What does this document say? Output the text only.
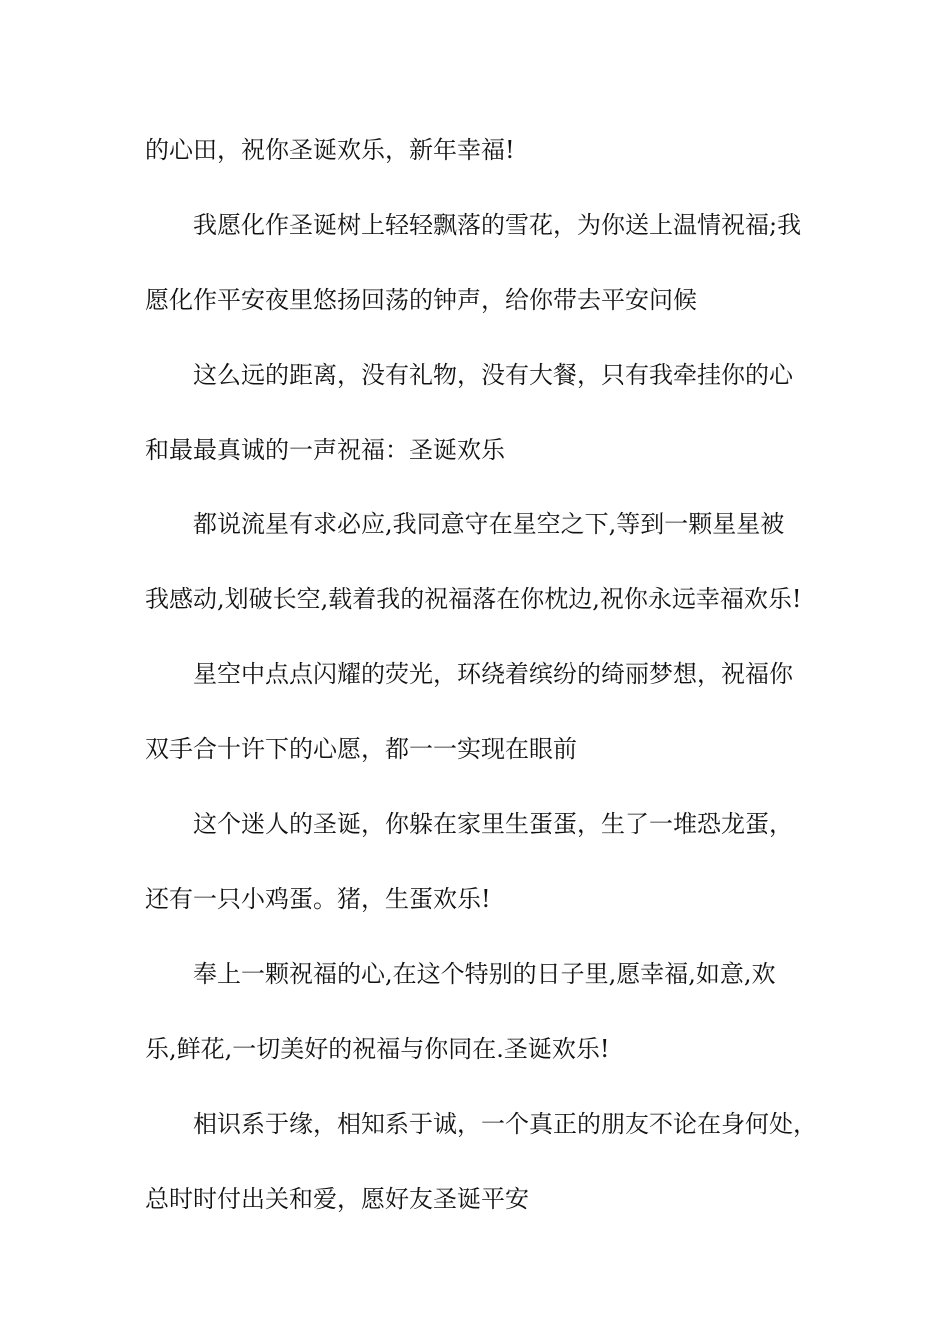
的心田，祝你圣诞欢乐，新年幸福!

我愿化作圣诞树上轻轻飘落的雪花，为你送上温情祝福;我

愿化作平安夜里悠扬回荡的钟声，给你带去平安问候

这么远的距离，没有礼物，没有大餐，只有我牵挂你的心

和最最真诚的一声祝福：圣诞欢乐

都说流星有求必应,我同意守在星空之下,等到一颗星星被

我感动,划破长空,载着我的祝福落在你枕边,祝你永远幸福欢乐!

星空中点点闪耀的荧光，环绕着缤纷的绮丽梦想，祝福你

双手合十许下的心愿，都一一实现在眼前

这个迷人的圣诞，你躲在家里生蛋蛋，生了一堆恐龙蛋，

还有一只小鸡蛋。猪，生蛋欢乐!

奉上一颗祝福的心,在这个特别的日子里,愿幸福,如意,欢

乐,鲜花,一切美好的祝福与你同在.圣诞欢乐!

相识系于缘，相知系于诚，一个真正的朋友不论在身何处，

总时时付出关和爱，愿好友圣诞平安
